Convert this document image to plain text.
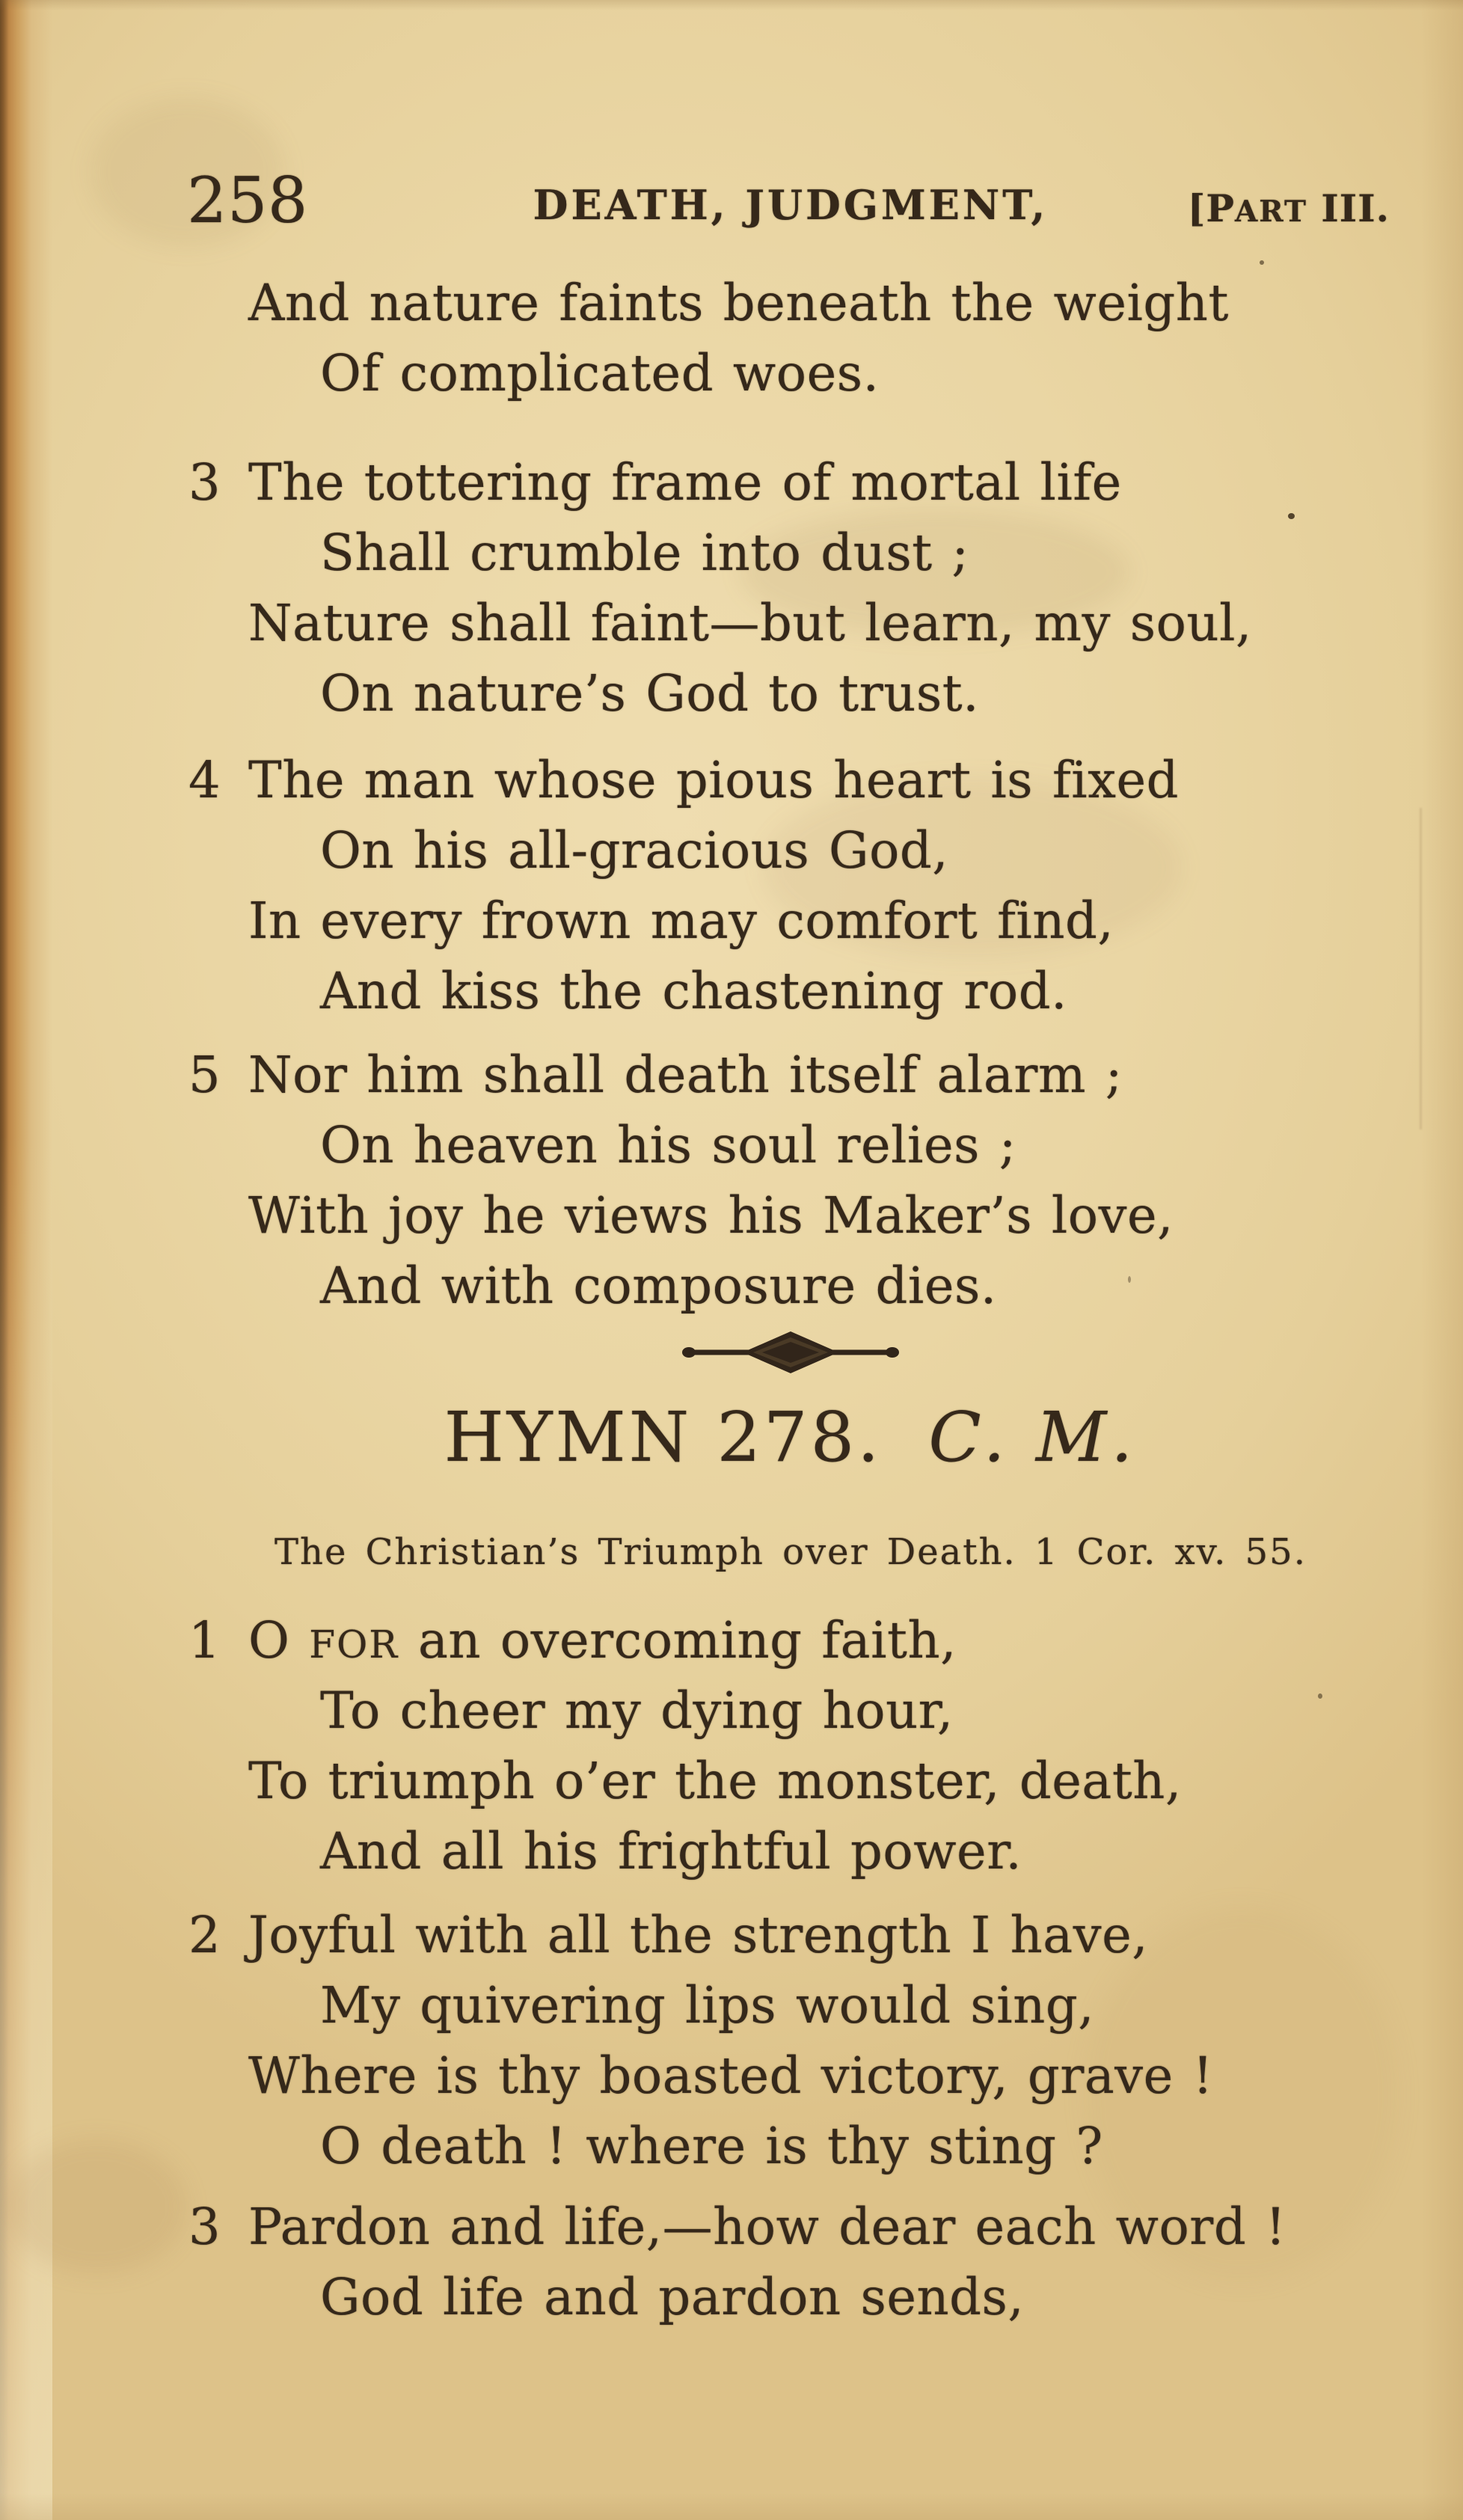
258	DEATH, JUDGMENT,	[PART III.
And nature faints beneath the weight
Of complicated woes.
3 The tottering frame of mortal life
Shall crumble into dust ;
Nature shall faint—but learn, my soul,
On nature’s God to trust.
4 The man whose pious heart is fixed
On his all-gracious God,
In every frown may comfort find,
And kiss the chastening rod.
5 Nor him shall death itself alarm ;
On heaven his soul relies ;
With joy he views his Maker’s love,
And with composure dies.
HYMN 278. C. M.
The Christian’s Triumph over Death. 1 Cor. xv. 55.
1 O FOR an overcoming faith,
To cheer my dying hour,
To triumph o’er the monster, death,
And all his frightful power.
2 Joyful with all the strength I have,
My quivering lips would sing,
Where is thy boasted victory, grave !
O death ! where is thy sting ?
3 Pardon and life,—how dear each word !
God life and pardon sends,
